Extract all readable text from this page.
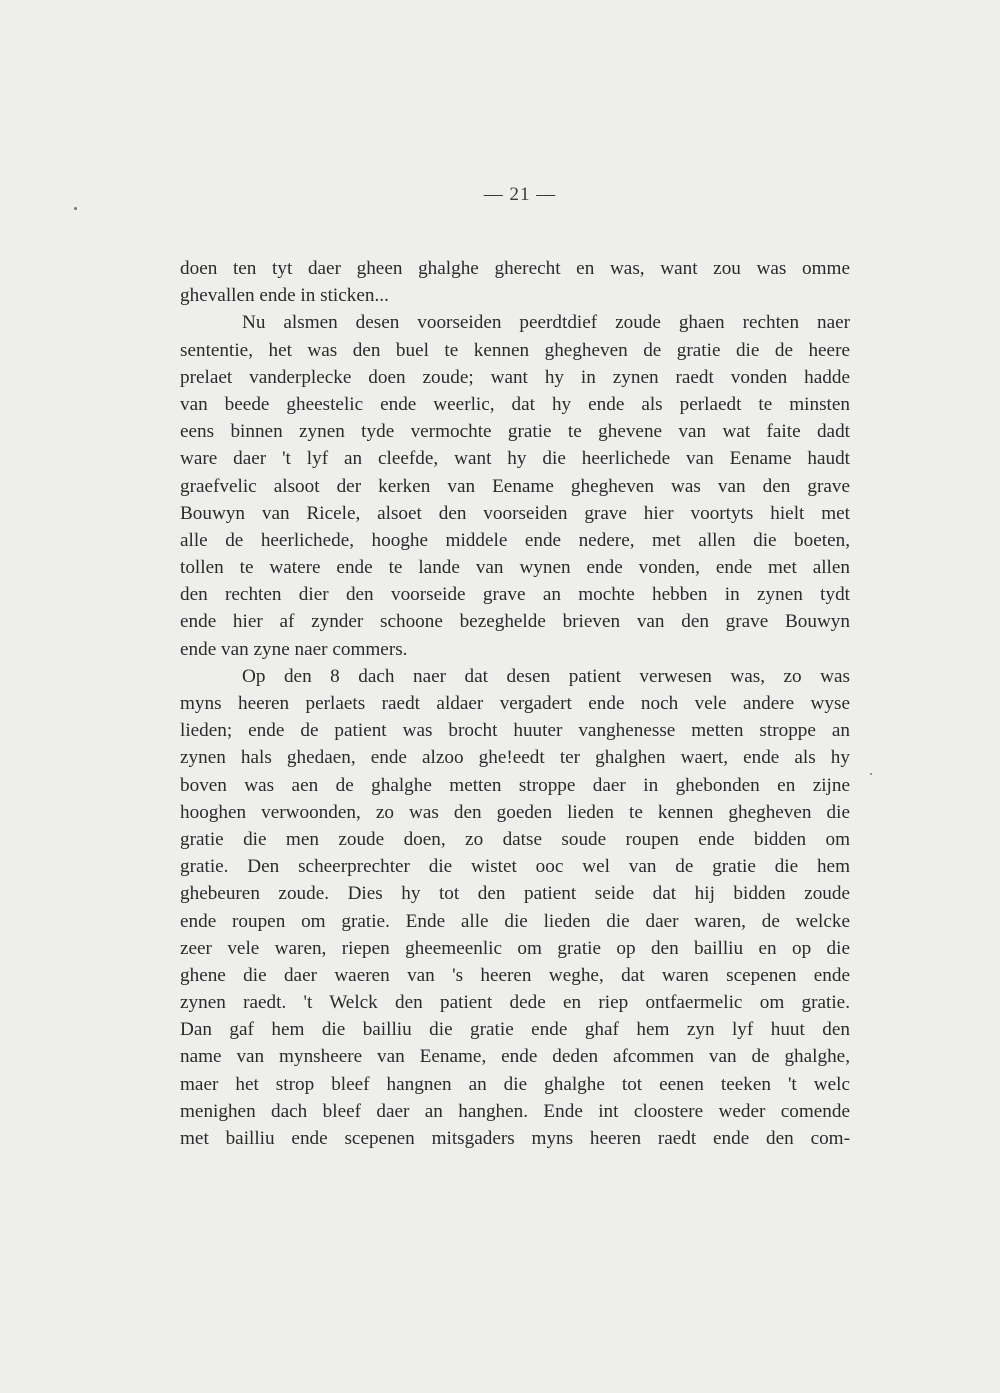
— 21 —
doen ten tyt daer gheen ghalghe gherecht en was, want zou was omme
ghevallen ende in sticken...
Nu alsmen desen voorseiden peerdtdief zoude ghaen rechten naer
sententie, het was den buel te kennen ghegheven de gratie die de heere
prelaet vanderplecke doen zoude; want hy in zynen raedt vonden hadde
van beede gheestelic ende weerlic, dat hy ende als perlaedt te minsten
eens binnen zynen tyde vermochte gratie te ghevene van wat faite dadt
ware daer 't lyf an cleefde, want hy die heerlichede van Eename haudt
graefvelic alsoot der kerken van Eename ghegheven was van den grave
Bouwyn van Ricele, alsoet den voorseiden grave hier voortyts hielt met
alle de heerlichede, hooghe middele ende nedere, met allen die boeten,
tollen te watere ende te lande van wynen ende vonden, ende met allen
den rechten dier den voorseide grave an mochte hebben in zynen tydt
ende hier af zynder schoone bezeghelde brieven van den grave Bouwyn
ende van zyne naer commers.
Op den 8 dach naer dat desen patient verwesen was, zo was
myns heeren perlaets raedt aldaer vergadert ende noch vele andere wyse
lieden; ende de patient was brocht huuter vanghenesse metten stroppe an
zynen hals ghedaen, ende alzoo ghe!eedt ter ghalghen waert, ende als hy
boven was aen de ghalghe metten stroppe daer in ghebonden en zijne
hooghen verwoonden, zo was den goeden lieden te kennen ghegheven die
gratie die men zoude doen, zo datse soude roupen ende bidden om
gratie. Den scheerprechter die wistet ooc wel van de gratie die hem
ghebeuren zoude. Dies hy tot den patient seide dat hij bidden zoude
ende roupen om gratie. Ende alle die lieden die daer waren, de welcke
zeer vele waren, riepen gheemeenlic om gratie op den bailliu en op die
ghene die daer waeren van 's heeren weghe, dat waren scepenen ende
zynen raedt. 't Welck den patient dede en riep ontfaermelic om gratie.
Dan gaf hem die bailliu die gratie ende ghaf hem zyn lyf huut den
name van mynsheere van Eename, ende deden afcommen van de ghalghe,
maer het strop bleef hangnen an die ghalghe tot eenen teeken 't welc
menighen dach bleef daer an hanghen. Ende int cloostere weder comende
met bailliu ende scepenen mitsgaders myns heeren raedt ende den com-
